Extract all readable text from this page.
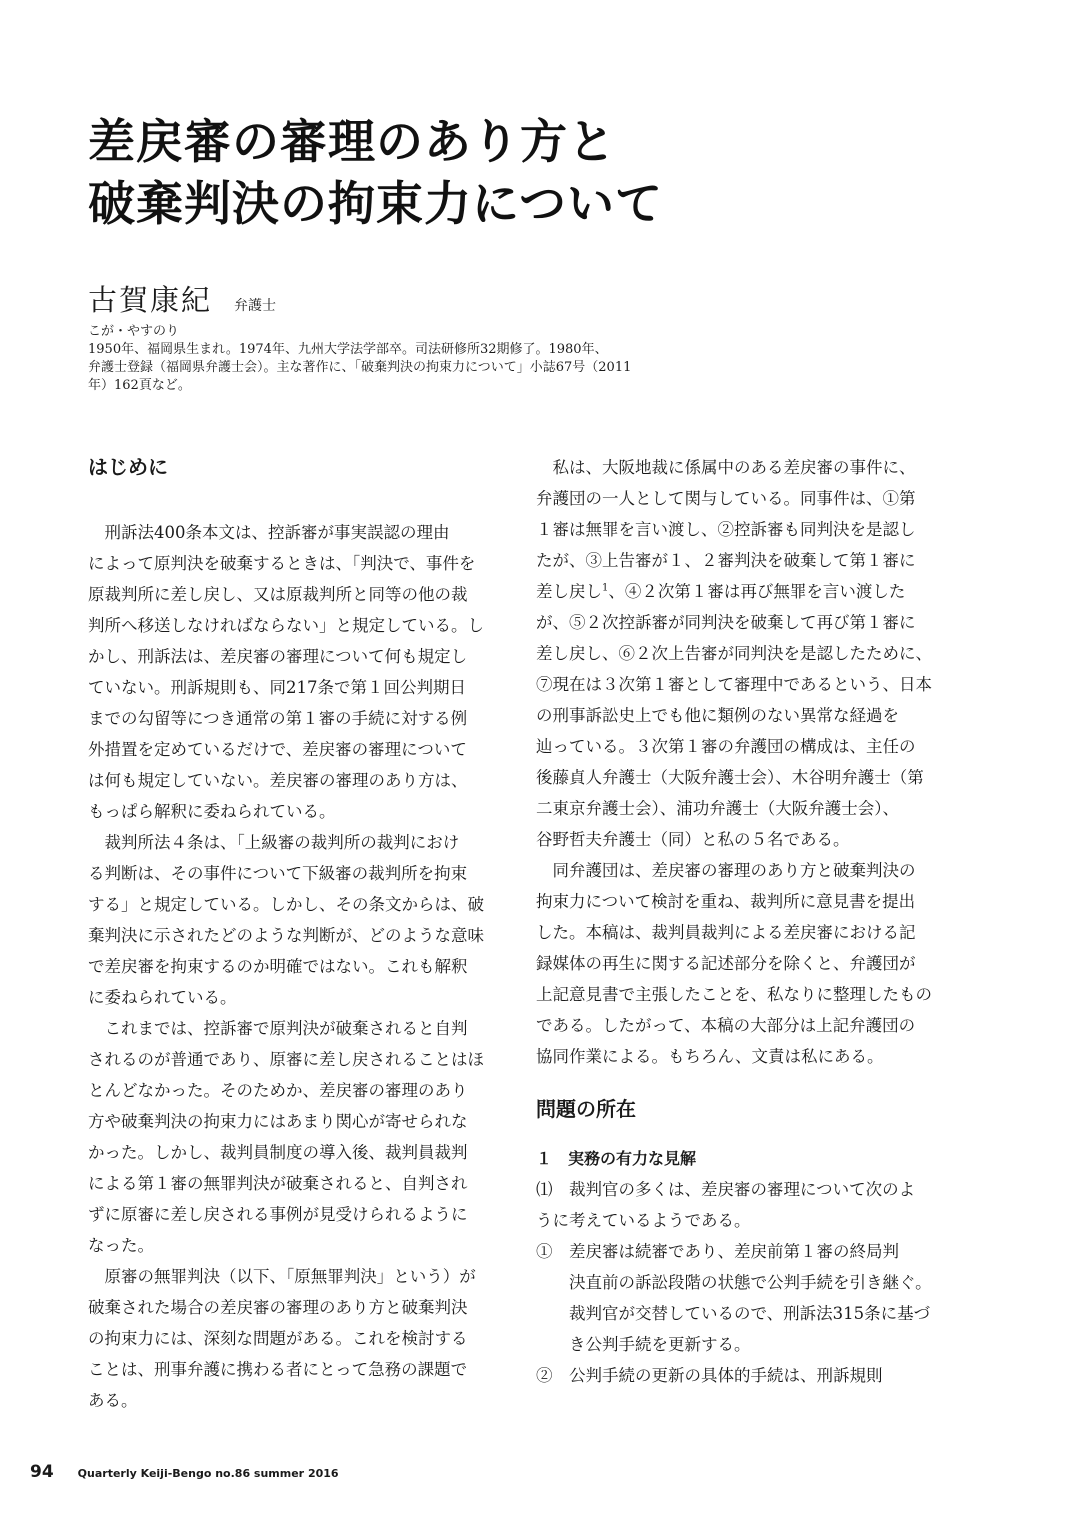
差戻審の審理のあり方と
破棄判決の拘束力について
古賀康紀 弁護士
こが・やすのり
1950年、福岡県生まれ。1974年、九州大学法学部卒。司法研修所32期修了。1980年、
弁護士登録（福岡県弁護士会）。主な著作に、「破棄判決の拘束力について」小誌67号（2011
年）162頁など。
はじめに
　刑訴法400条本文は、控訴審が事実誤認の理由
によって原判決を破棄するときは、「判決で、事件を
原裁判所に差し戻し、又は原裁判所と同等の他の裁
判所へ移送しなければならない」と規定している。し
かし、刑訴法は、差戻審の審理について何も規定し
ていない。刑訴規則も、同217条で第１回公判期日
までの勾留等につき通常の第１審の手続に対する例
外措置を定めているだけで、差戻審の審理について
は何も規定していない。差戻審の審理のあり方は、
もっぱら解釈に委ねられている。
　裁判所法４条は、「上級審の裁判所の裁判におけ
る判断は、その事件について下級審の裁判所を拘束
する」と規定している。しかし、その条文からは、破
棄判決に示されたどのような判断が、どのような意味
で差戻審を拘束するのか明確ではない。これも解釈
に委ねられている。
　これまでは、控訴審で原判決が破棄されると自判
されるのが普通であり、原審に差し戻されることはほ
とんどなかった。そのためか、差戻審の審理のあり
方や破棄判決の拘束力にはあまり関心が寄せられな
かった。しかし、裁判員制度の導入後、裁判員裁判
による第１審の無罪判決が破棄されると、自判され
ずに原審に差し戻される事例が見受けられるように
なった。
　原審の無罪判決（以下、「原無罪判決」という）が
破棄された場合の差戻審の審理のあり方と破棄判決
の拘束力には、深刻な問題がある。これを検討する
ことは、刑事弁護に携わる者にとって急務の課題で
ある。
　私は、大阪地裁に係属中のある差戻審の事件に、
弁護団の一人として関与している。同事件は、①第
１審は無罪を言い渡し、②控訴審も同判決を是認し
たが、③上告審が１、２審判決を破棄して第１審に
差し戻し$^1$、④２次第１審は再び無罪を言い渡した
が、⑤２次控訴審が同判決を破棄して再び第１審に
差し戻し、⑥２次上告審が同判決を是認したために、
⑦現在は３次第１審として審理中であるという、日本
の刑事訴訟史上でも他に類例のない異常な経過を
辿っている。３次第１審の弁護団の構成は、主任の
後藤貞人弁護士（大阪弁護士会）、木谷明弁護士（第
二東京弁護士会）、浦功弁護士（大阪弁護士会）、
谷野哲夫弁護士（同）と私の５名である。
　同弁護団は、差戻審の審理のあり方と破棄判決の
拘束力について検討を重ね、裁判所に意見書を提出
した。本稿は、裁判員裁判による差戻審における記
録媒体の再生に関する記述部分を除くと、弁護団が
上記意見書で主張したことを、私なりに整理したもの
である。したがって、本稿の大部分は上記弁護団の
協同作業による。もちろん、文責は私にある。
問題の所在
１　実務の有力な見解
⑴　裁判官の多くは、差戻審の審理について次のよ
うに考えているようである。
①　差戻審は続審であり、差戻前第１審の終局判
　　決直前の訴訟段階の状態で公判手続を引き継ぐ。
　　裁判官が交替しているので、刑訴法315条に基づ
　　き公判手続を更新する。
②　公判手続の更新の具体的手続は、刑訴規則
94 Quarterly Keiji-Bengo no.86 summer 2016
